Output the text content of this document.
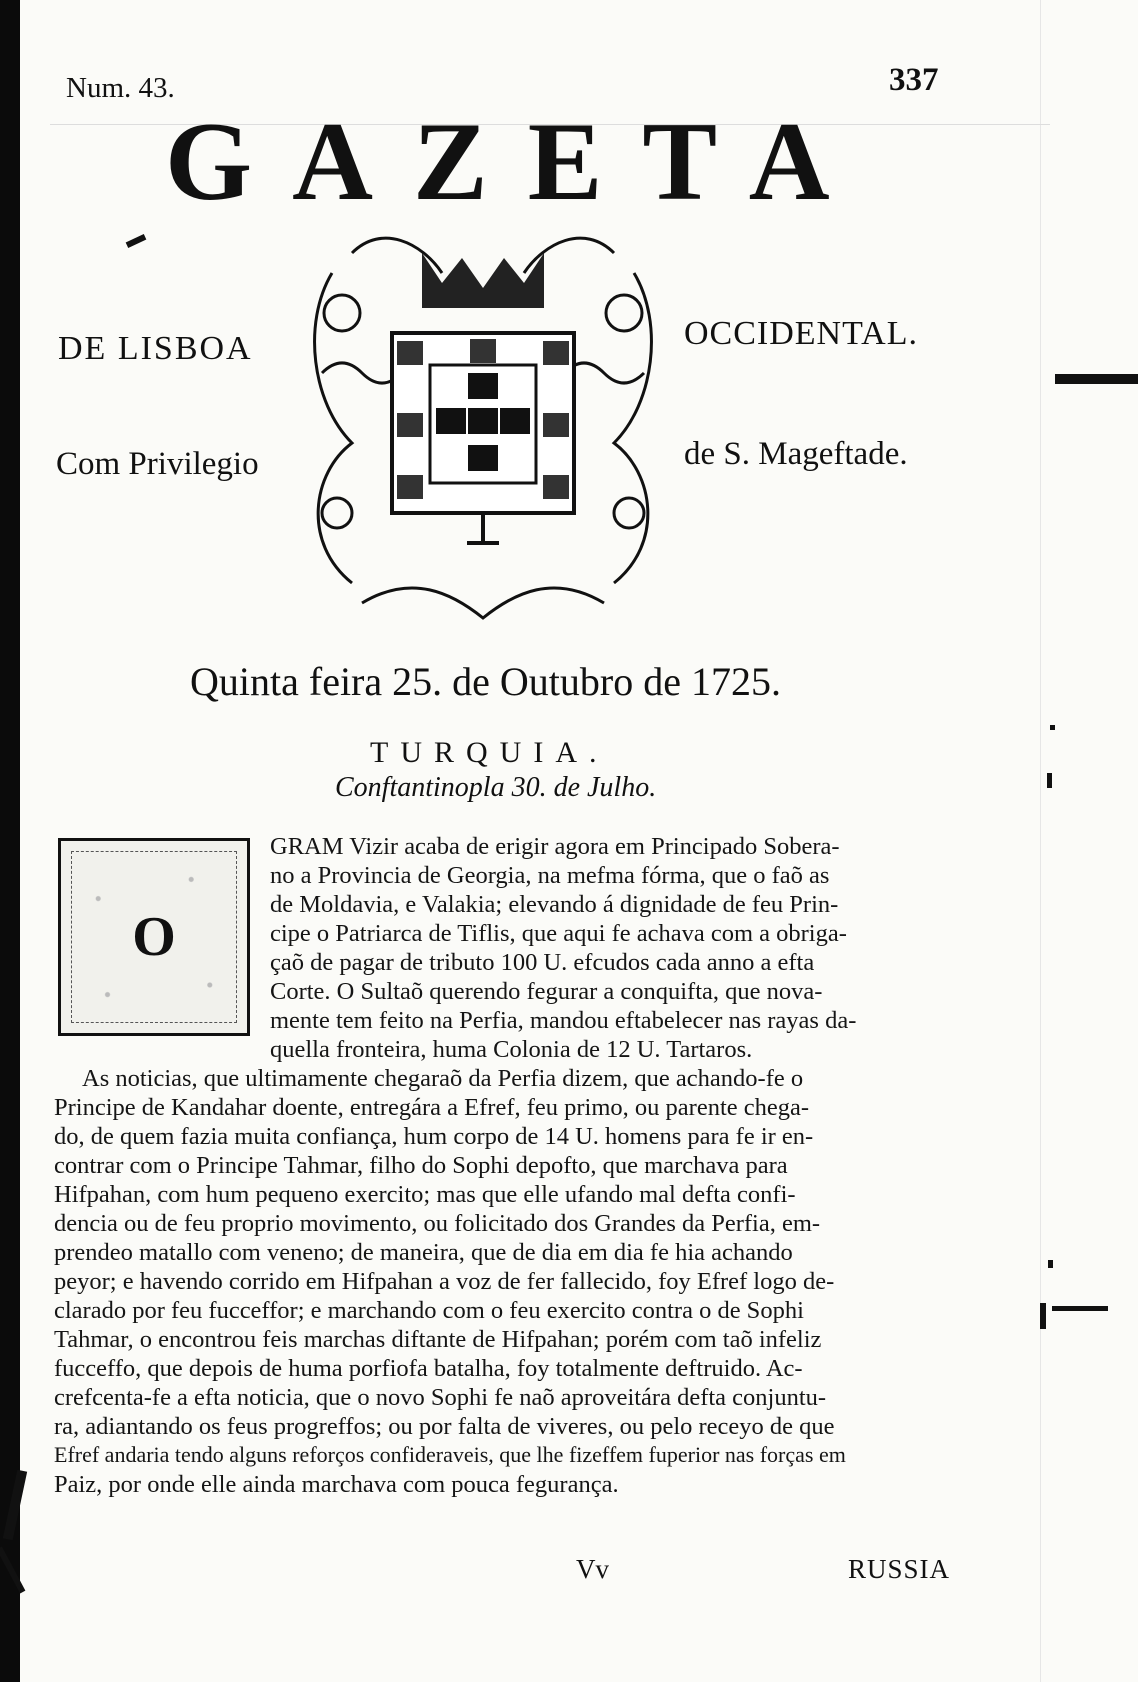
Num. 43.	337
GAZETA
DE LISBOA	OCCIDENTAL.
Com Privilegio	de S. Mageftade.
Quinta feira 25. de Outubro de 1725.
TURQUIA.
Conftantinopla 30. de Julho.
O
GRAM Vizir acaba de erigir agora em Principado Sobera-
no a Provincia de Georgia, na mefma fórma, que o faõ as
de Moldavia, e Valakia; elevando á dignidade de feu Prin-
cipe o Patriarca de Tiflis, que aqui fe achava com a obriga-
çaõ de pagar de tributo 100 U. efcudos cada anno a efta
Corte. O Sultaõ querendo fegurar a conquifta, que nova-
mente tem feito na Perfia, mandou eftabelecer nas rayas da-
quella fronteira, huma Colonia de 12 U. Tartaros.
As noticias, que ultimamente chegaraõ da Perfia dizem, que achando-fe o
Principe de Kandahar doente, entregára a Efref, feu primo, ou parente chega-
do, de quem fazia muita confiança, hum corpo de 14 U. homens para fe ir en-
contrar com o Principe Tahmar, filho do Sophi depofto, que marchava para
Hifpahan, com hum pequeno exercito; mas que elle ufando mal defta confi-
dencia ou de feu proprio movimento, ou folicitado dos Grandes da Perfia, em-
prendeo matallo com veneno; de maneira, que de dia em dia fe hia achando
peyor; e havendo corrido em Hifpahan a voz de fer fallecido, foy Efref logo de-
clarado por feu fucceffor; e marchando com o feu exercito contra o de Sophi
Tahmar, o encontrou feis marchas diftante de Hifpahan; porém com taõ infeliz
fucceffo, que depois de huma porfiofa batalha, foy totalmente deftruido. Ac-
crefcenta-fe a efta noticia, que o novo Sophi fe naõ aproveitára defta conjuntu-
ra, adiantando os feus progreffos; ou por falta de viveres, ou pelo receyo de que
Efref andaria tendo alguns reforços confideraveis, que lhe fizeffem fuperior nas forças em
Paiz, por onde elle ainda marchava com pouca fegurança.
Vv	RUSSIA
